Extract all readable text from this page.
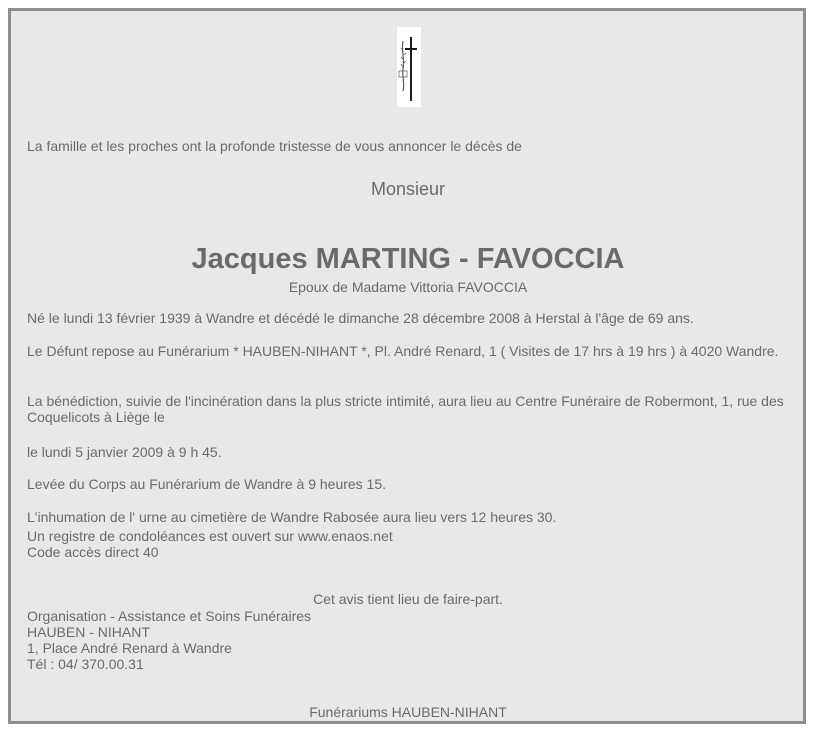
La famille et les proches ont la profonde tristesse de vous annoncer le décès de

Monsieur

Jacques MARTING - FAVOCCIA

Epoux de Madame Vittoria FAVOCCIA

Né le lundi 13 février 1939 à Wandre et décédé le dimanche 28 décembre 2008 à Herstal à l'âge de 69 ans.

Le Défunt repose au Funérarium * HAUBEN-NIHANT *, Pl. André Renard, 1 ( Visites de 17 hrs à 19 hrs ) à 4020 Wandre.

La bénédiction, suivie de l'incinération dans la plus stricte intimité, aura lieu au Centre Funéraire de Robermont, 1, rue des Coquelicots à Liège le

le lundi 5 janvier 2009 à 9 h 45.

Levée du Corps au Funérarium de Wandre à 9 heures 15.

L'inhumation de l' urne au cimetière de Wandre Rabosée aura lieu vers 12 heures 30.

Un registre de condoléances est ouvert sur www.enaos.net
Code accès direct 40

Cet avis tient lieu de faire-part.

Organisation - Assistance et Soins Funéraires
HAUBEN - NIHANT
1, Place André Renard à Wandre
Tél : 04/ 370.00.31

Funérariums HAUBEN-NIHANT
